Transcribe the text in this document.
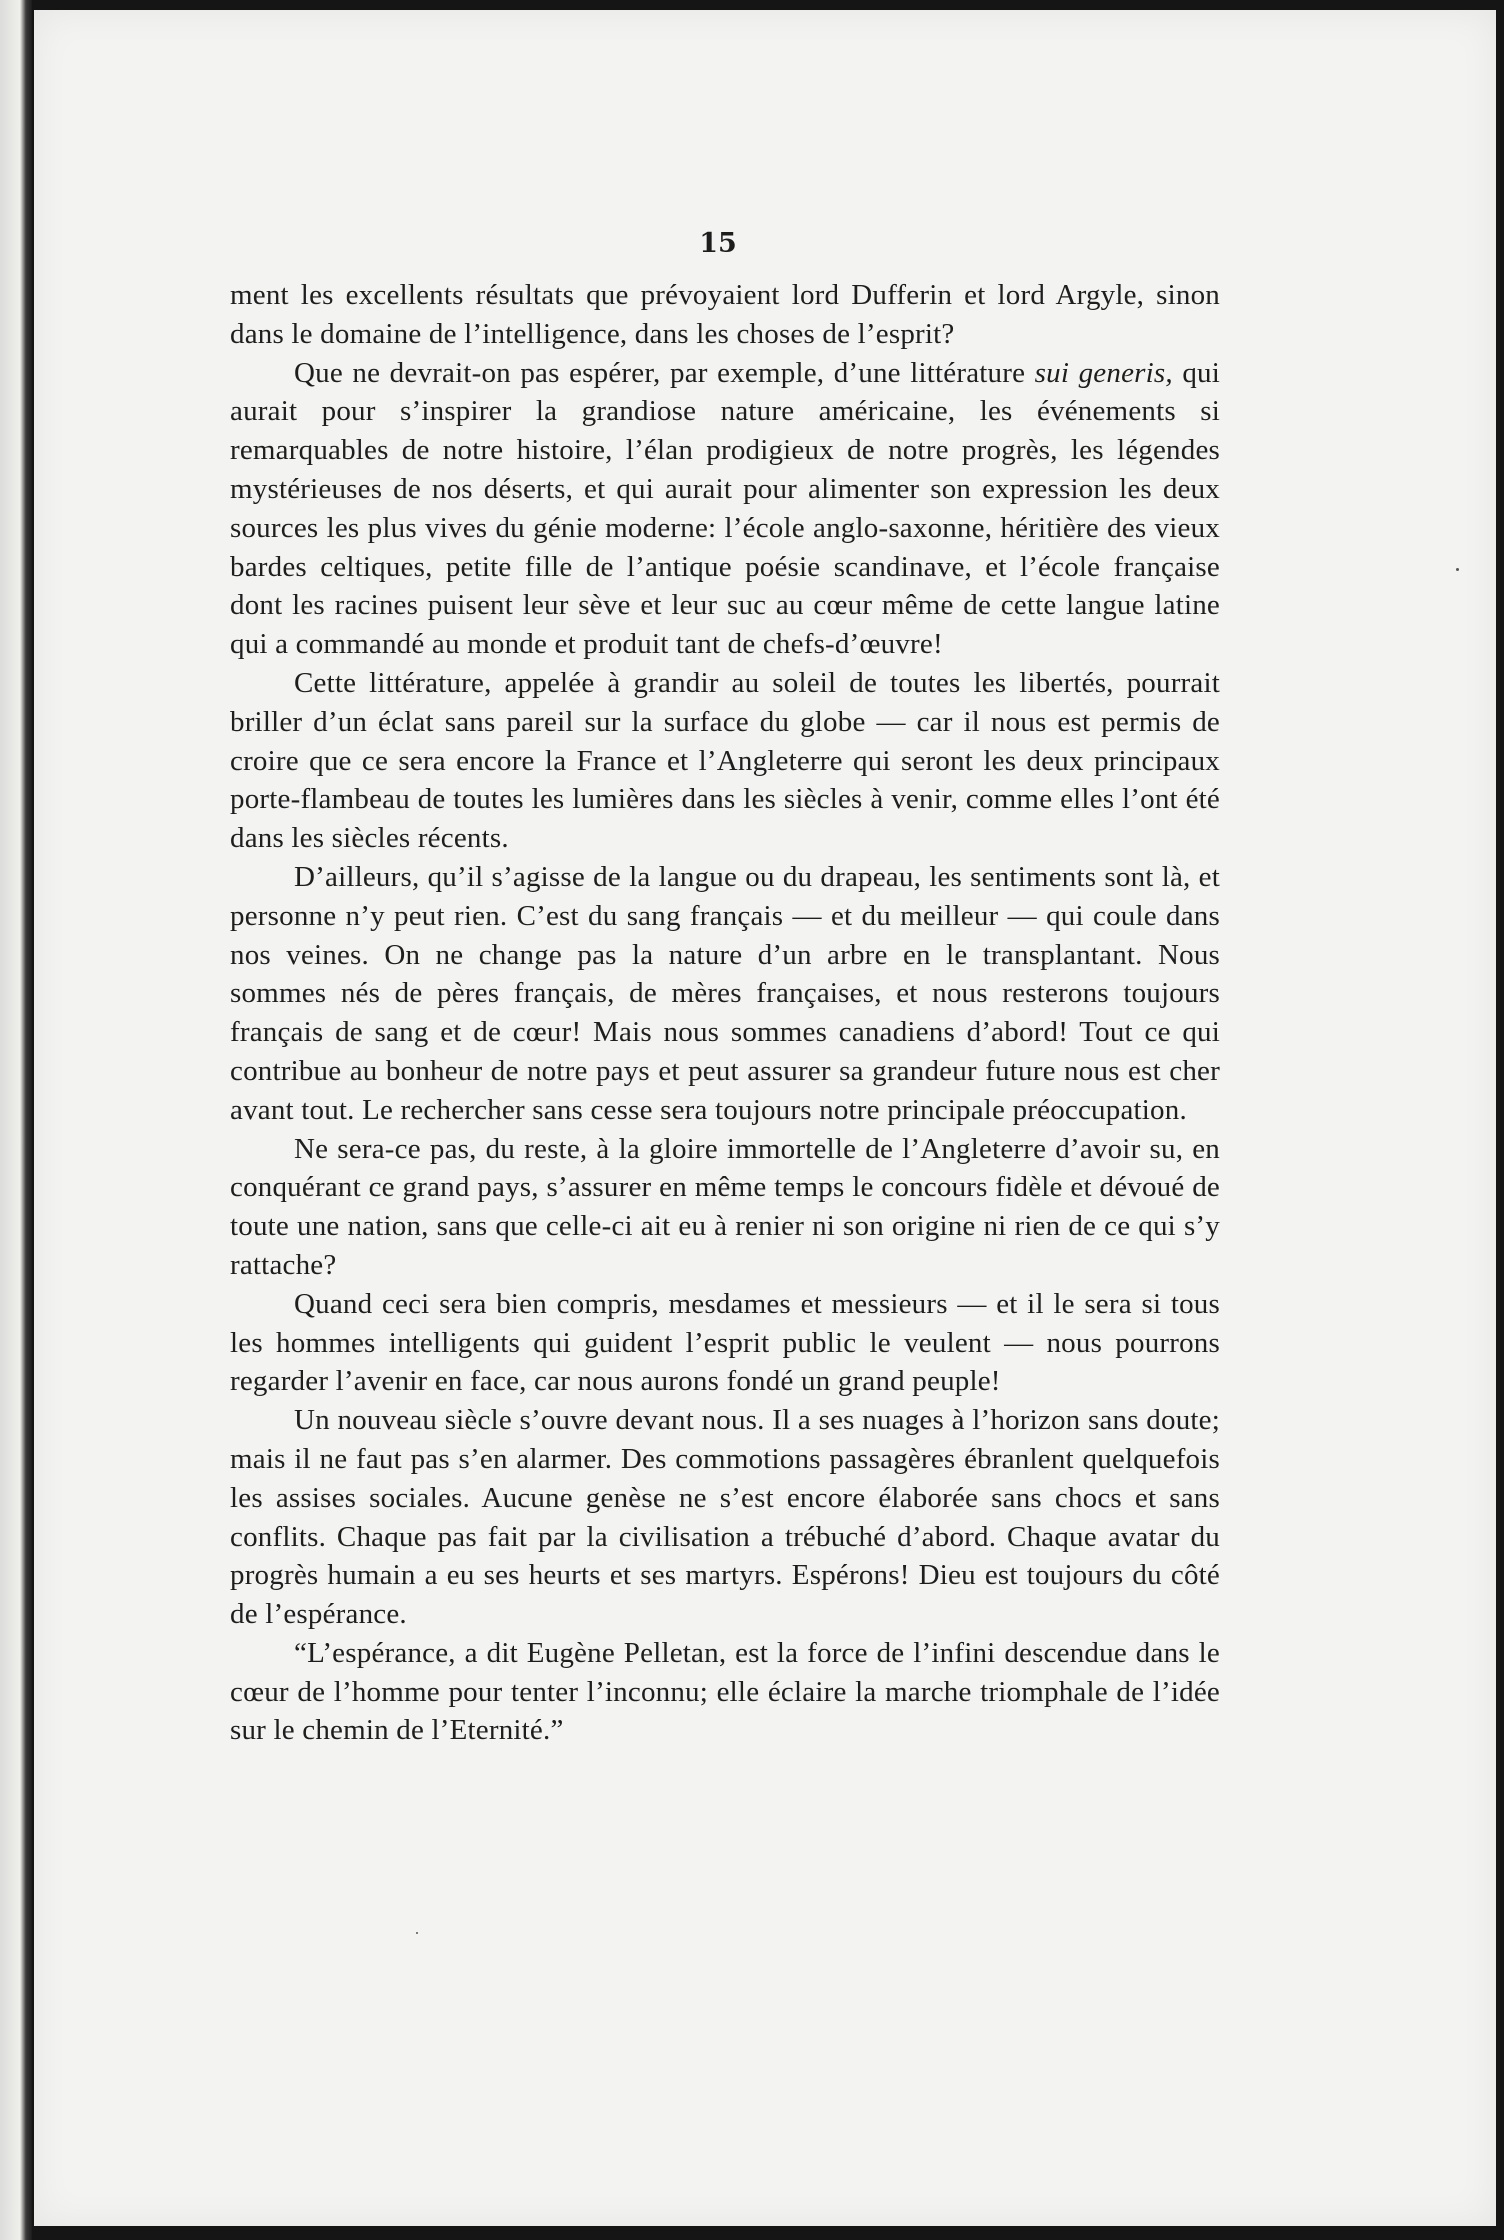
15

ment les excellents résultats que prévoyaient lord Dufferin et lord Argyle, sinon dans le domaine de l’intelligence, dans les choses de l’esprit?

Que ne devrait-on pas espérer, par exemple, d’une littérature sui generis, qui aurait pour s’inspirer la grandiose nature américaine, les événements si remarquables de notre histoire, l’élan prodigieux de notre progrès, les légendes mystérieuses de nos déserts, et qui aurait pour alimenter son expression les deux sources les plus vives du génie moderne: l’école anglo-saxonne, héritière des vieux bardes celtiques, petite fille de l’antique poésie scandinave, et l’école française dont les racines puisent leur sève et leur suc au cœur même de cette langue latine qui a commandé au monde et produit tant de chefs-d’œuvre!

Cette littérature, appelée à grandir au soleil de toutes les libertés, pourrait briller d’un éclat sans pareil sur la surface du globe — car il nous est permis de croire que ce sera encore la France et l’Angleterre qui seront les deux principaux porte-flambeau de toutes les lumières dans les siècles à venir, comme elles l’ont été dans les siècles récents.

D’ailleurs, qu’il s’agisse de la langue ou du drapeau, les sentiments sont là, et personne n’y peut rien. C’est du sang français — et du meilleur — qui coule dans nos veines. On ne change pas la nature d’un arbre en le transplantant. Nous sommes nés de pères français, de mères françaises, et nous resterons toujours français de sang et de cœur! Mais nous sommes canadiens d’abord! Tout ce qui contribue au bonheur de notre pays et peut assurer sa grandeur future nous est cher avant tout. Le rechercher sans cesse sera toujours notre principale préoccupation.

Ne sera-ce pas, du reste, à la gloire immortelle de l’Angleterre d’avoir su, en conquérant ce grand pays, s’assurer en même temps le concours fidèle et dévoué de toute une nation, sans que celle-ci ait eu à renier ni son origine ni rien de ce qui s’y rattache?

Quand ceci sera bien compris, mesdames et messieurs — et il le sera si tous les hommes intelligents qui guident l’esprit public le veulent — nous pourrons regarder l’avenir en face, car nous aurons fondé un grand peuple!

Un nouveau siècle s’ouvre devant nous. Il a ses nuages à l’horizon sans doute; mais il ne faut pas s’en alarmer. Des commotions passagères ébranlent quelquefois les assises sociales. Aucune genèse ne s’est encore élaborée sans chocs et sans conflits. Chaque pas fait par la civilisation a trébuché d’abord. Chaque avatar du progrès humain a eu ses heurts et ses martyrs. Espérons! Dieu est toujours du côté de l’espérance.

“L’espérance, a dit Eugène Pelletan, est la force de l’infini descendue dans le cœur de l’homme pour tenter l’inconnu; elle éclaire la marche triomphale de l’idée sur le chemin de l’Eternité.”
